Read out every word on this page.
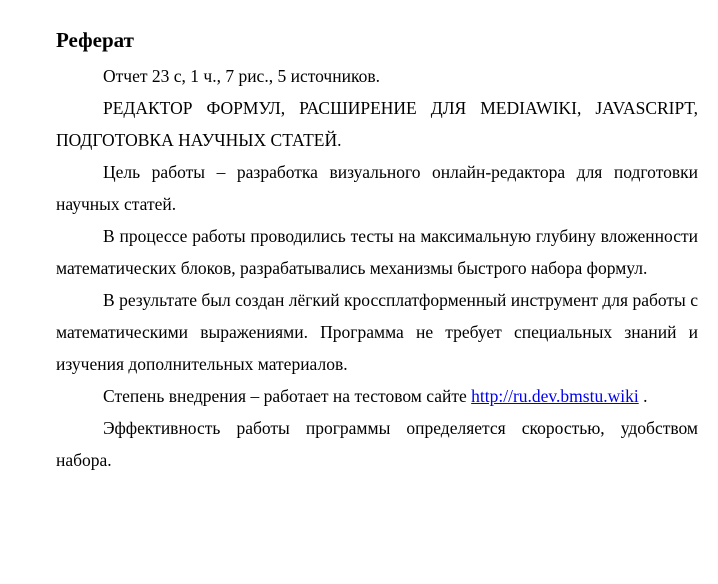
Реферат

Отчет 23 с, 1 ч., 7 рис., 5 источников.

РЕДАКТОР ФОРМУЛ, РАСШИРЕНИЕ ДЛЯ MEDIAWIKI, JAVASCRIPT, ПОДГОТОВКА НАУЧНЫХ СТАТЕЙ.

Цель работы – разработка визуального онлайн-редактора для подготовки научных статей.

В процессе работы проводились тесты на максимальную глубину вложенности математических блоков, разрабатывались механизмы быстрого набора формул.

В результате был создан лёгкий кроссплатформенный инструмент для работы с математическими выражениями. Программа не требует специальных знаний и изучения дополнительных материалов.

Степень внедрения – работает на тестовом сайте http://ru.dev.bmstu.wiki .

Эффективность работы программы определяется скоростью, удобством набора.
